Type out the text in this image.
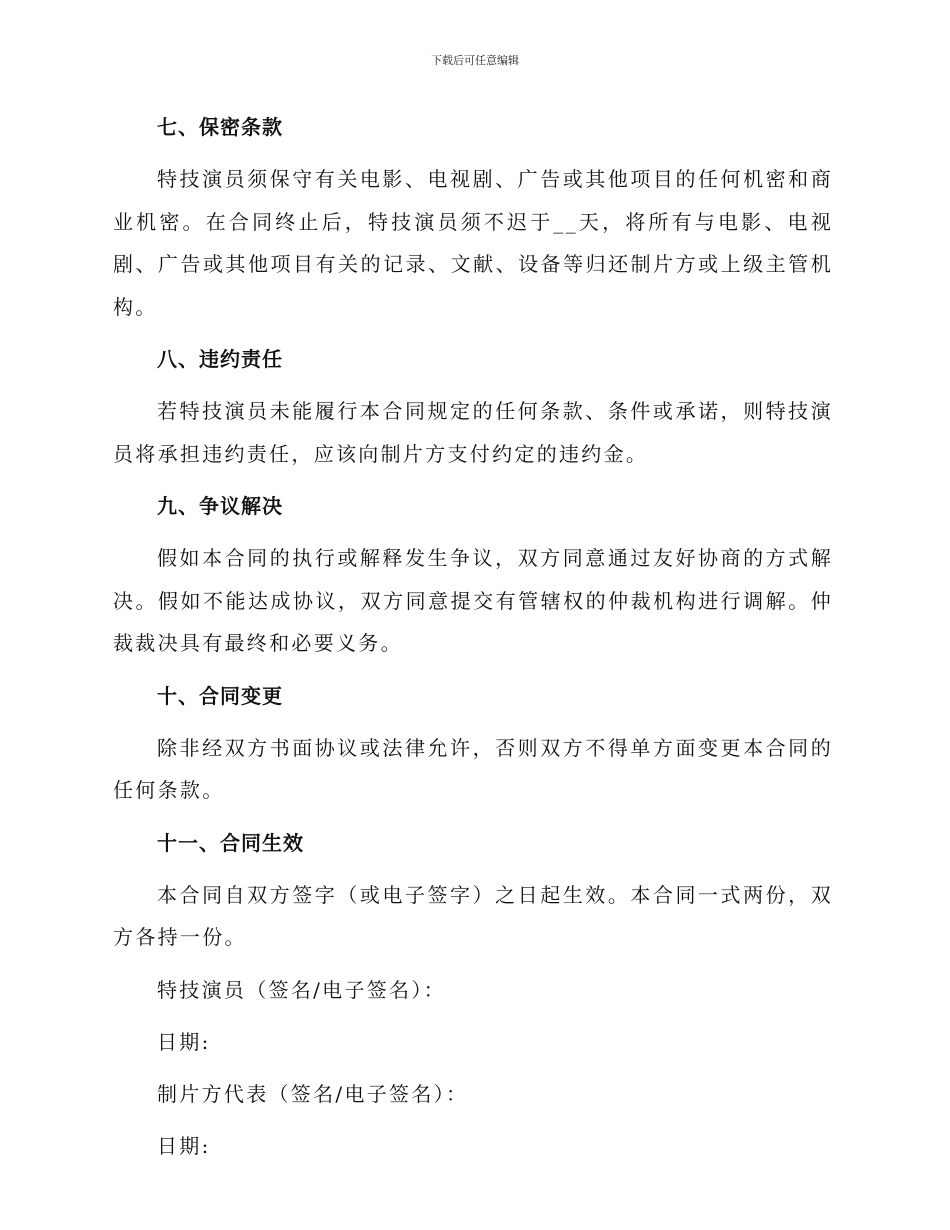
下载后可任意编辑
七、保密条款
特技演员须保守有关电影、电视剧、广告或其他项目的任何机密和商业机密。在合同终止后，特技演员须不迟于__天，将所有与电影、电视剧、广告或其他项目有关的记录、文献、设备等归还制片方或上级主管机构。
八、违约责任
若特技演员未能履行本合同规定的任何条款、条件或承诺，则特技演员将承担违约责任，应该向制片方支付约定的违约金。
九、争议解决
假如本合同的执行或解释发生争议，双方同意通过友好协商的方式解决。假如不能达成协议，双方同意提交有管辖权的仲裁机构进行调解。仲裁裁决具有最终和必要义务。
十、合同变更
除非经双方书面协议或法律允许，否则双方不得单方面变更本合同的任何条款。
十一、合同生效
本合同自双方签字（或电子签字）之日起生效。本合同一式两份，双方各持一份。
特技演员（签名/电子签名）：
日期:
制片方代表（签名/电子签名）：
日期:
